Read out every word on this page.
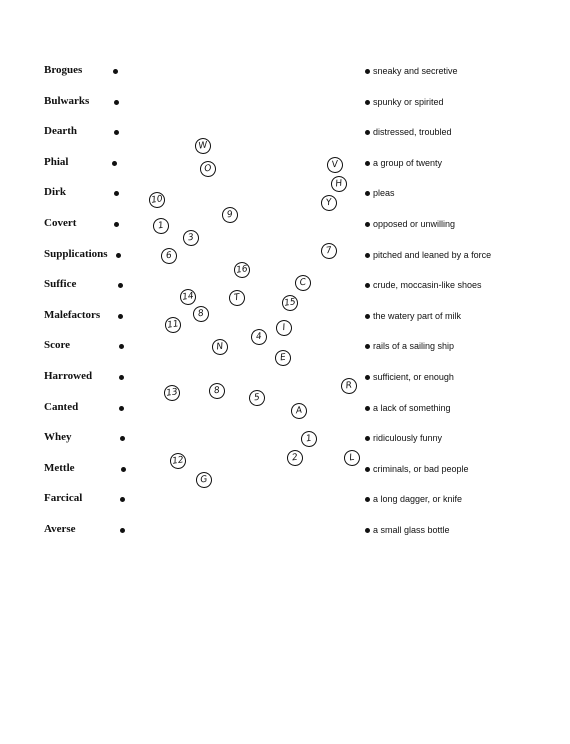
Brogues
Bulwarks
Dearth
Phial
Dirk
Covert
Supplications
Suffice
Malefactors
Score
Harrowed
Canted
Whey
Mettle
Farcical
Averse
sneaky and secretive
spunky or spirited
distressed, troubled
a group of twenty
pleas
opposed or unwilling
pitched and leaned by a force
crude, moccasin-like shoes
the watery part of milk
rails of a sailing ship
sufficient, or enough
a lack of something
ridiculously funny
criminals, or bad people
a long dagger, or knife
a small glass bottle
W
O	V
H
10
9
Y
1
3
7
6
16
C
14	T	15
8
11
4
I
N
E
R
13	8
5
A
1
12	2	L
G
